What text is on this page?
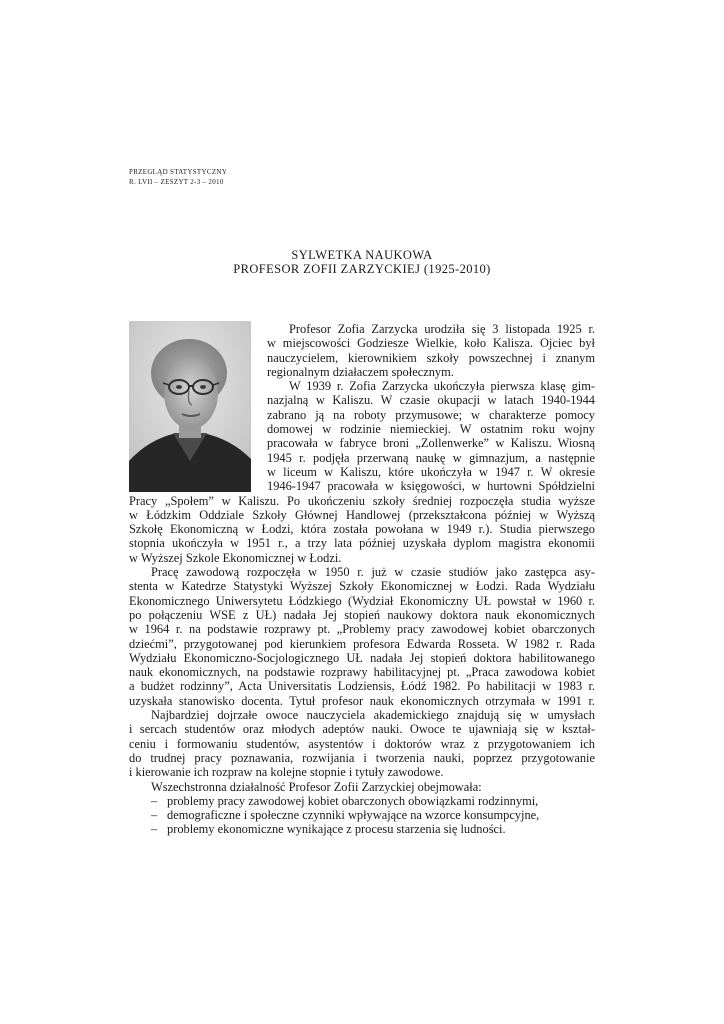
PRZEGLĄD STATYSTYCZNY
R. LVII – ZESZYT 2-3 – 2010
SYLWETKA NAUKOWA
PROFESOR ZOFII ZARZYCKIEJ (1925-2010)
Profesor Zofia Zarzycka urodziła się 3 listopada 1925 r.
w miejscowości Godziesze Wielkie, koło Kalisza. Ojciec był
nauczycielem, kierownikiem szkoły powszechnej i znanym
regionalnym działaczem społecznym.
W 1939 r. Zofia Zarzycka ukończyła pierwsza klasę gim-
nazjalną w Kaliszu. W czasie okupacji w latach 1940-1944
zabrano ją na roboty przymusowe; w charakterze pomocy
domowej w rodzinie niemieckiej. W ostatnim roku wojny
pracowała w fabryce broni „Zollenwerke” w Kaliszu. Wiosną
1945 r. podjęła przerwaną naukę w gimnazjum, a następnie
w liceum w Kaliszu, które ukończyła w 1947 r. W okresie
1946-1947 pracowała w księgowości, w hurtowni Spółdzielni
Pracy „Społem” w Kaliszu. Po ukończeniu szkoły średniej rozpoczęła studia wyższe
w Łódzkim Oddziale Szkoły Głównej Handlowej (przekształcona później w Wyższą
Szkołę Ekonomiczną w Łodzi, która została powołana w 1949 r.). Studia pierwszego
stopnia ukończyła w 1951 r., a trzy lata później uzyskała dyplom magistra ekonomii
w Wyższej Szkole Ekonomicznej w Łodzi.
Pracę zawodową rozpoczęła w 1950 r. już w czasie studiów jako zastępca asy-
stenta w Katedrze Statystyki Wyższej Szkoły Ekonomicznej w Łodzi. Rada Wydziału
Ekonomicznego Uniwersytetu Łódzkiego (Wydział Ekonomiczny UŁ powstał w 1960 r.
po połączeniu WSE z UŁ) nadała Jej stopień naukowy doktora nauk ekonomicznych
w 1964 r. na podstawie rozprawy pt. „Problemy pracy zawodowej kobiet obarczonych
dziećmi”, przygotowanej pod kierunkiem profesora Edwarda Rosseta. W 1982 r. Rada
Wydziału Ekonomiczno-Socjologicznego UŁ nadała Jej stopień doktora habilitowanego
nauk ekonomicznych, na podstawie rozprawy habilitacyjnej pt. „Praca zawodowa kobiet
a budżet rodzinny”, Acta Universitatis Lodziensis, Łódź 1982. Po habilitacji w 1983 r.
uzyskała stanowisko docenta. Tytuł profesor nauk ekonomicznych otrzymała w 1991 r.
Najbardziej dojrzałe owoce nauczyciela akademickiego znajdują się w umysłach
i sercach studentów oraz młodych adeptów nauki. Owoce te ujawniają się w kształ-
ceniu i formowaniu studentów, asystentów i doktorów wraz z przygotowaniem ich
do trudnej pracy poznawania, rozwijania i tworzenia nauki, poprzez przygotowanie
i kierowanie ich rozpraw na kolejne stopnie i tytuły zawodowe.
Wszechstronna działalność Profesor Zofii Zarzyckiej obejmowała:
– problemy pracy zawodowej kobiet obarczonych obowiązkami rodzinnymi,
– demograficzne i społeczne czynniki wpływające na wzorce konsumpcyjne,
– problemy ekonomiczne wynikające z procesu starzenia się ludności.
